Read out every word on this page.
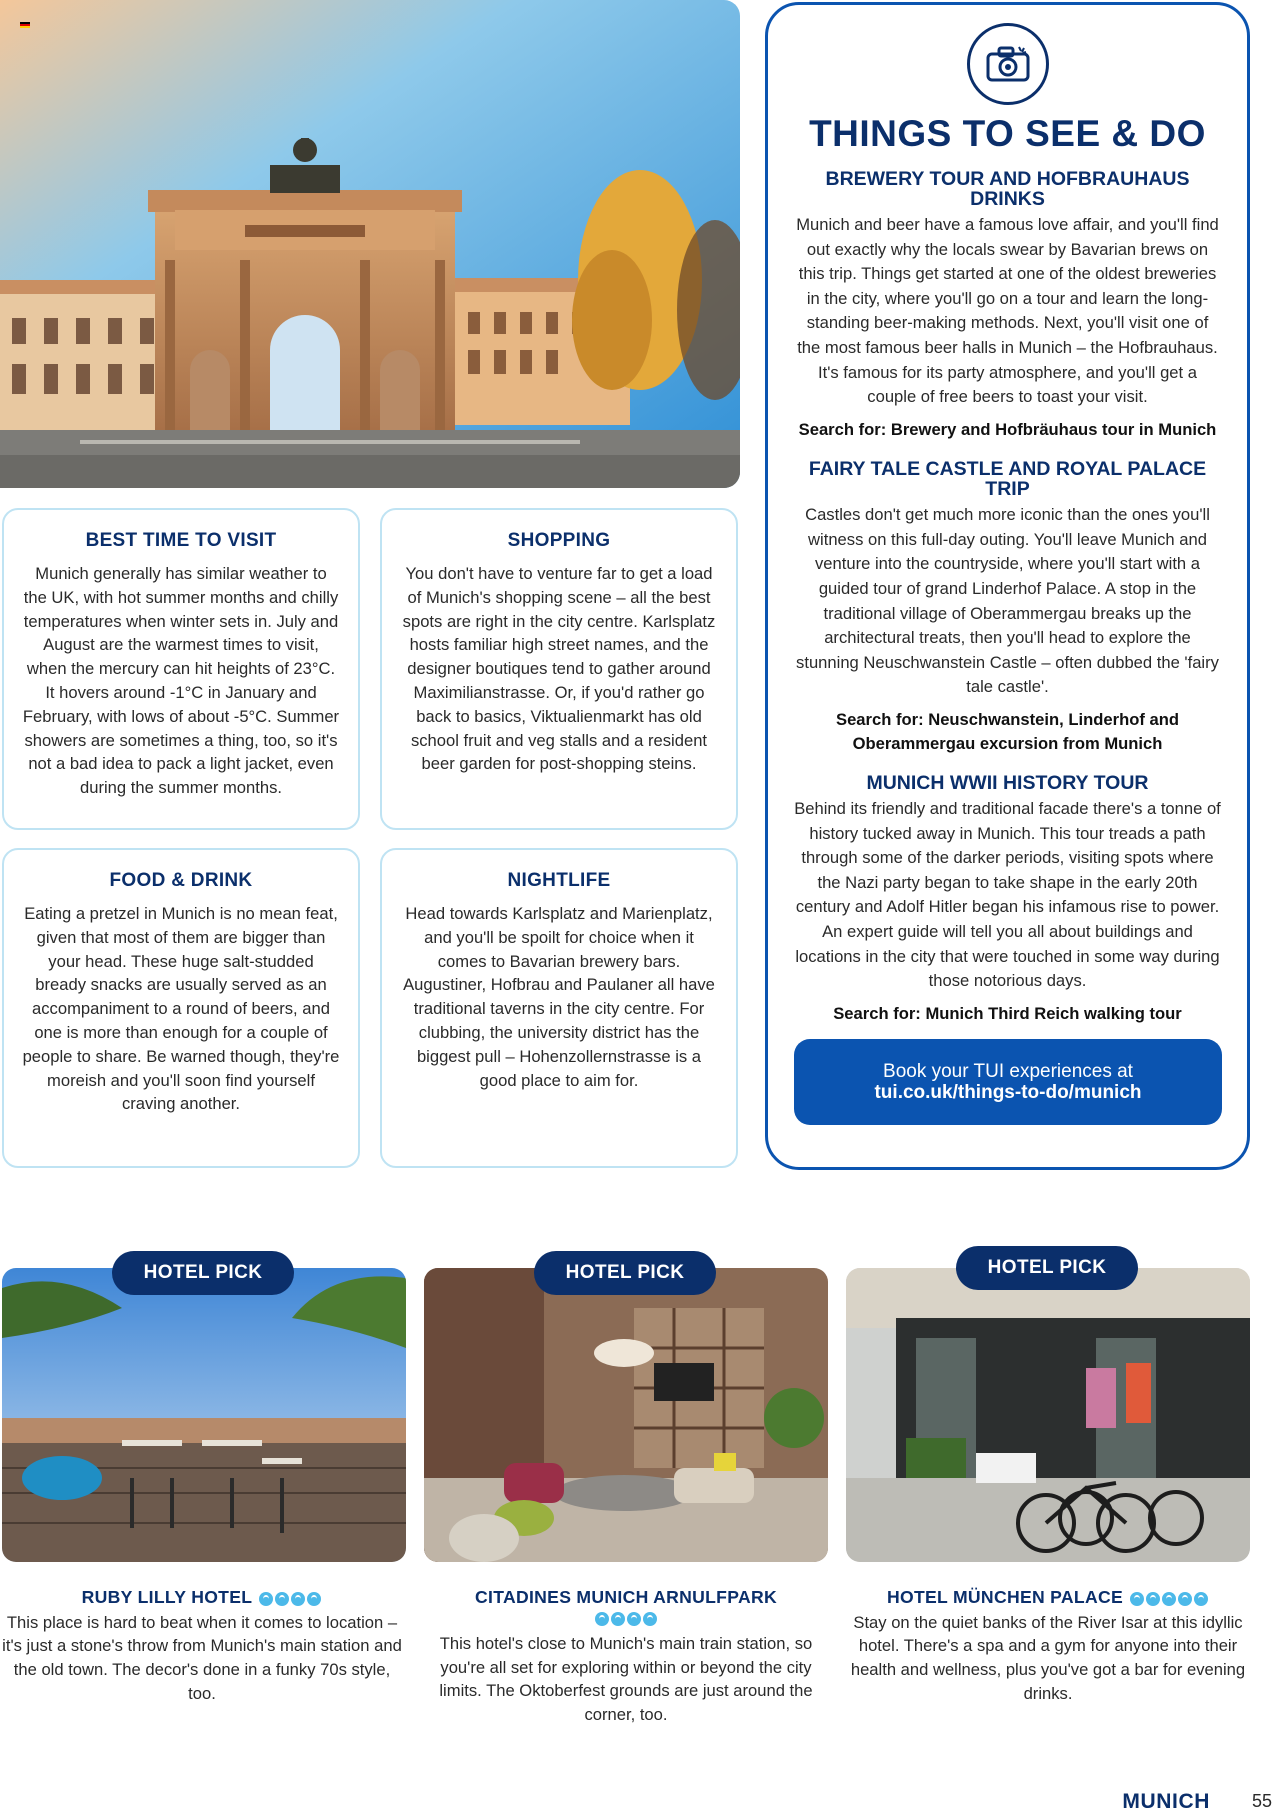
BEST TIME TO VISIT

Munich generally has similar weather to the UK, with hot summer months and chilly temperatures when winter sets in. July and August are the warmest times to visit, when the mercury can hit heights of 23°C. It hovers around -1°C in January and February, with lows of about -5°C. Summer showers are sometimes a thing, too, so it's not a bad idea to pack a light jacket, even during the summer months.

SHOPPING

You don't have to venture far to get a load of Munich's shopping scene – all the best spots are right in the city centre. Karlsplatz hosts familiar high street names, and the designer boutiques tend to gather around Maximilianstrasse. Or, if you'd rather go back to basics, Viktualienmarkt has old school fruit and veg stalls and a resident beer garden for post-shopping steins.

FOOD & DRINK

Eating a pretzel in Munich is no mean feat, given that most of them are bigger than your head. These huge salt-studded bready snacks are usually served as an accompaniment to a round of beers, and one is more than enough for a couple of people to share. Be warned though, they're moreish and you'll soon find yourself craving another.

NIGHTLIFE

Head towards Karlsplatz and Marienplatz, and you'll be spoilt for choice when it comes to Bavarian brewery bars. Augustiner, Hofbrau and Paulaner all have traditional taverns in the city centre. For clubbing, the university district has the biggest pull – Hohenzollernstrasse is a good place to aim for.

THINGS TO SEE & DO
BREWERY TOUR AND HOFBRAUHAUS DRINKS

Munich and beer have a famous love affair, and you'll find out exactly why the locals swear by Bavarian brews on this trip. Things get started at one of the oldest breweries in the city, where you'll go on a tour and learn the long-standing beer-making methods. Next, you'll visit one of the most famous beer halls in Munich – the Hofbrauhaus. It's famous for its party atmosphere, and you'll get a couple of free beers to toast your visit.

Search for: Brewery and Hofbräuhaus tour in Munich
FAIRY TALE CASTLE AND ROYAL PALACE TRIP

Castles don't get much more iconic than the ones you'll witness on this full-day outing. You'll leave Munich and venture into the countryside, where you'll start with a guided tour of grand Linderhof Palace. A stop in the traditional village of Oberammergau breaks up the architectural treats, then you'll head to explore the stunning Neuschwanstein Castle – often dubbed the 'fairy tale castle'.

Search for: Neuschwanstein, Linderhof and Oberammergau excursion from Munich
MUNICH WWII HISTORY TOUR

Behind its friendly and traditional facade there's a tonne of history tucked away in Munich. This tour treads a path through some of the darker periods, visiting spots where the Nazi party began to take shape in the early 20th century and Adolf Hitler began his infamous rise to power. An expert guide will tell you all about buildings and locations in the city that were touched in some way during those notorious days.

Search for: Munich Third Reich walking tour
Book your TUI experiences at
tui.co.uk/things-to-do/munich
HOTEL PICK
RUBY LILLY HOTEL

This place is hard to beat when it comes to location – it's just a stone's throw from Munich's main station and the old town. The decor's done in a funky 70s style, too.

HOTEL PICK
CITADINES MUNICH ARNULFPARK

This hotel's close to Munich's main train station, so you're all set for exploring within or beyond the city limits. The Oktoberfest grounds are just around the corner, too.

HOTEL PICK
HOTEL MÜNCHEN PALACE

Stay on the quiet banks of the River Isar at this idyllic hotel. There's a spa and a gym for anyone into their health and wellness, plus you've got a bar for evening drinks.

MUNICH 55
